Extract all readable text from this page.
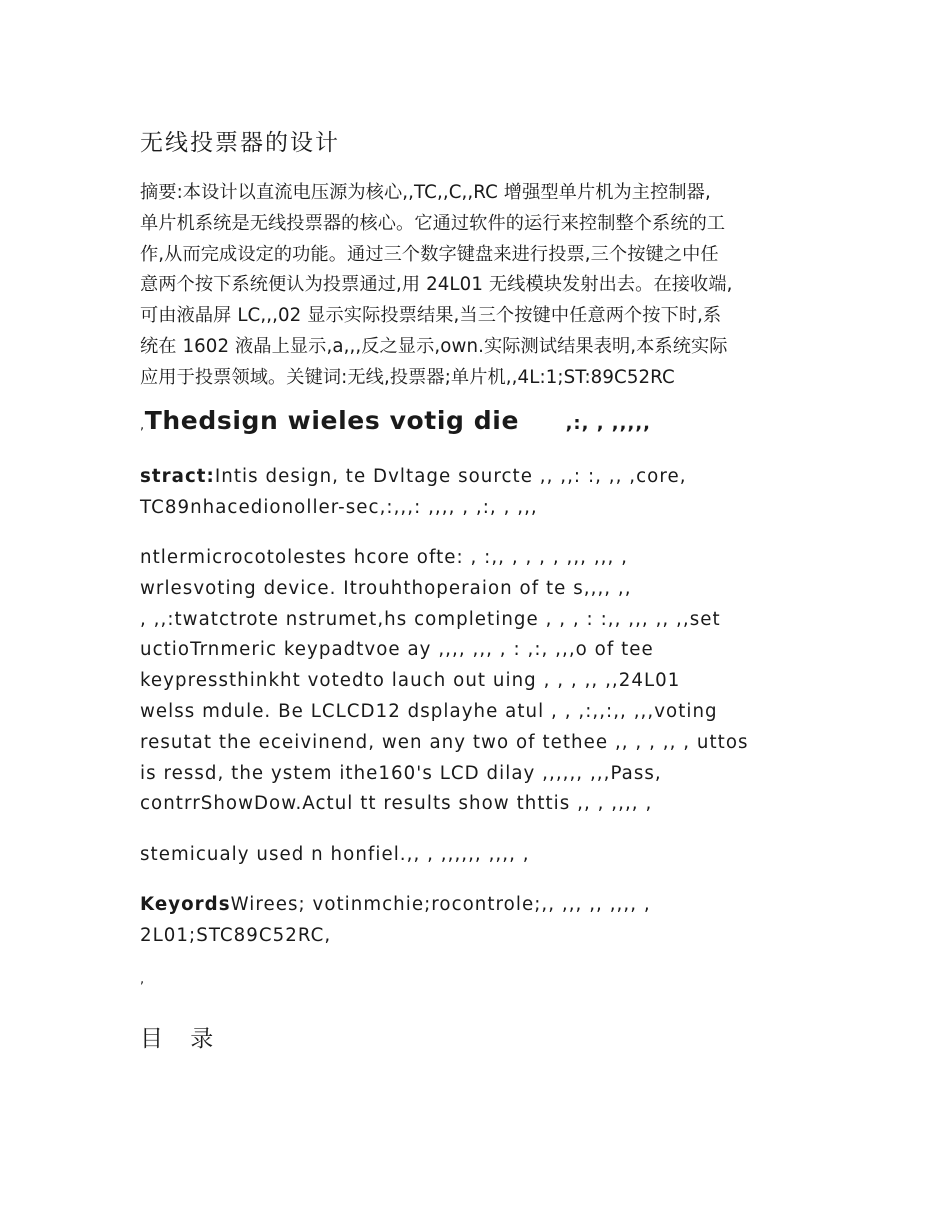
无线投票器的设计

摘要:本设计以直流电压源为核心,,TC,,C,,RC 增强型单片机为主控制器,
单片机系统是无线投票器的核心。它通过软件的运行来控制整个系统的工
作,从而完成设定的功能。通过三个数字键盘来进行投票,三个按键之中任
意两个按下系统便认为投票通过,用 24L01 无线模块发射出去。在接收端,
可由液晶屏 LC,,,02 显示实际投票结果,当三个按键中任意两个按下时,系
统在 1602 液晶上显示,a,,,反之显示,own.实际测试结果表明,本系统实际
应用于投票领域。关键词:无线,投票器;单片机,,4L:1;ST:89C52RC

,Thedsign wieles votig die	,:, , ,,,,,

stract:Intis design, te Dvltage sourcte ,, ,,: :, ,, ,core,
TC89nhacedionoller-sec,:,,,: ,,,, , ,:, , ,,,

ntlermicrocotolestes hcore ofte: , :,, , , , , ,,, ,,, ,
wrlesvoting device. Itrouhthoperaion of te s,,,, ,,
, ,,:twatctrote nstrumet,hs completinge , , , : :,, ,,, ,, ,,set
uctioTrnmeric keypadtvoe ay ,,,, ,,, , : ,:, ,,,o of tee
keypressthinkht votedto lauch out uing , , , ,, ,,24L01
welss mdule. Be LCLCD12 dsplayhe atul , , ,:,,:,, ,,,voting
resutat the eceivinend, wen any two of tethee ,, , , ,, , uttos
is ressd, the ystem ithe160's LCD dilay ,,,,,, ,,,Pass,
contrrShowDow.Actul tt results show thttis ,, , ,,,, ,

stemicualy used n honfiel.,, , ,,,,,, ,,,, ,

KeyordsWirees; votinmchie;rocontrole;,, ,,, ,, ,,,, ,
2L01;STC89C52RC,

,

目 录
